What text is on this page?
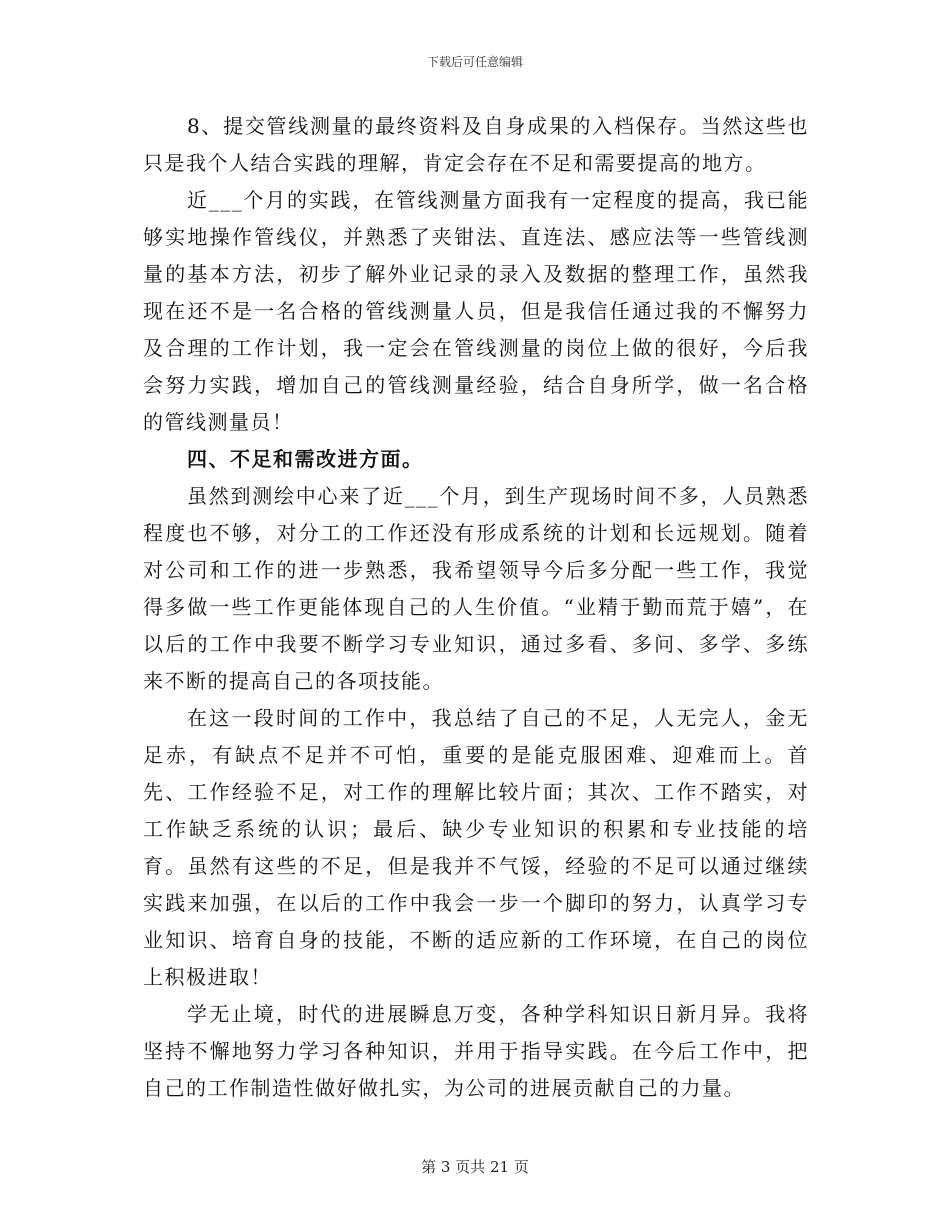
下载后可任意编辑

8、提交管线测量的最终资料及自身成果的入档保存。当然这些也只是我个人结合实践的理解，肯定会存在不足和需要提高的地方。

近___个月的实践，在管线测量方面我有一定程度的提高，我已能够实地操作管线仪，并熟悉了夹钳法、直连法、感应法等一些管线测量的基本方法，初步了解外业记录的录入及数据的整理工作，虽然我现在还不是一名合格的管线测量人员，但是我信任通过我的不懈努力及合理的工作计划，我一定会在管线测量的岗位上做的很好，今后我会努力实践，增加自己的管线测量经验，结合自身所学，做一名合格的管线测量员！

四、不足和需改进方面。

虽然到测绘中心来了近___个月，到生产现场时间不多，人员熟悉程度也不够，对分工的工作还没有形成系统的计划和长远规划。随着对公司和工作的进一步熟悉，我希望领导今后多分配一些工作，我觉得多做一些工作更能体现自己的人生价值。“业精于勤而荒于嬉”，在以后的工作中我要不断学习专业知识，通过多看、多问、多学、多练来不断的提高自己的各项技能。

在这一段时间的工作中，我总结了自己的不足，人无完人，金无足赤，有缺点不足并不可怕，重要的是能克服困难、迎难而上。首先、工作经验不足，对工作的理解比较片面；其次、工作不踏实，对工作缺乏系统的认识；最后、缺少专业知识的积累和专业技能的培育。虽然有这些的不足，但是我并不气馁，经验的不足可以通过继续实践来加强，在以后的工作中我会一步一个脚印的努力，认真学习专业知识、培育自身的技能，不断的适应新的工作环境，在自己的岗位上积极进取！

学无止境，时代的进展瞬息万变，各种学科知识日新月异。我将坚持不懈地努力学习各种知识，并用于指导实践。在今后工作中，把自己的工作制造性做好做扎实，为公司的进展贡献自己的力量。

第 3 页共 21 页
